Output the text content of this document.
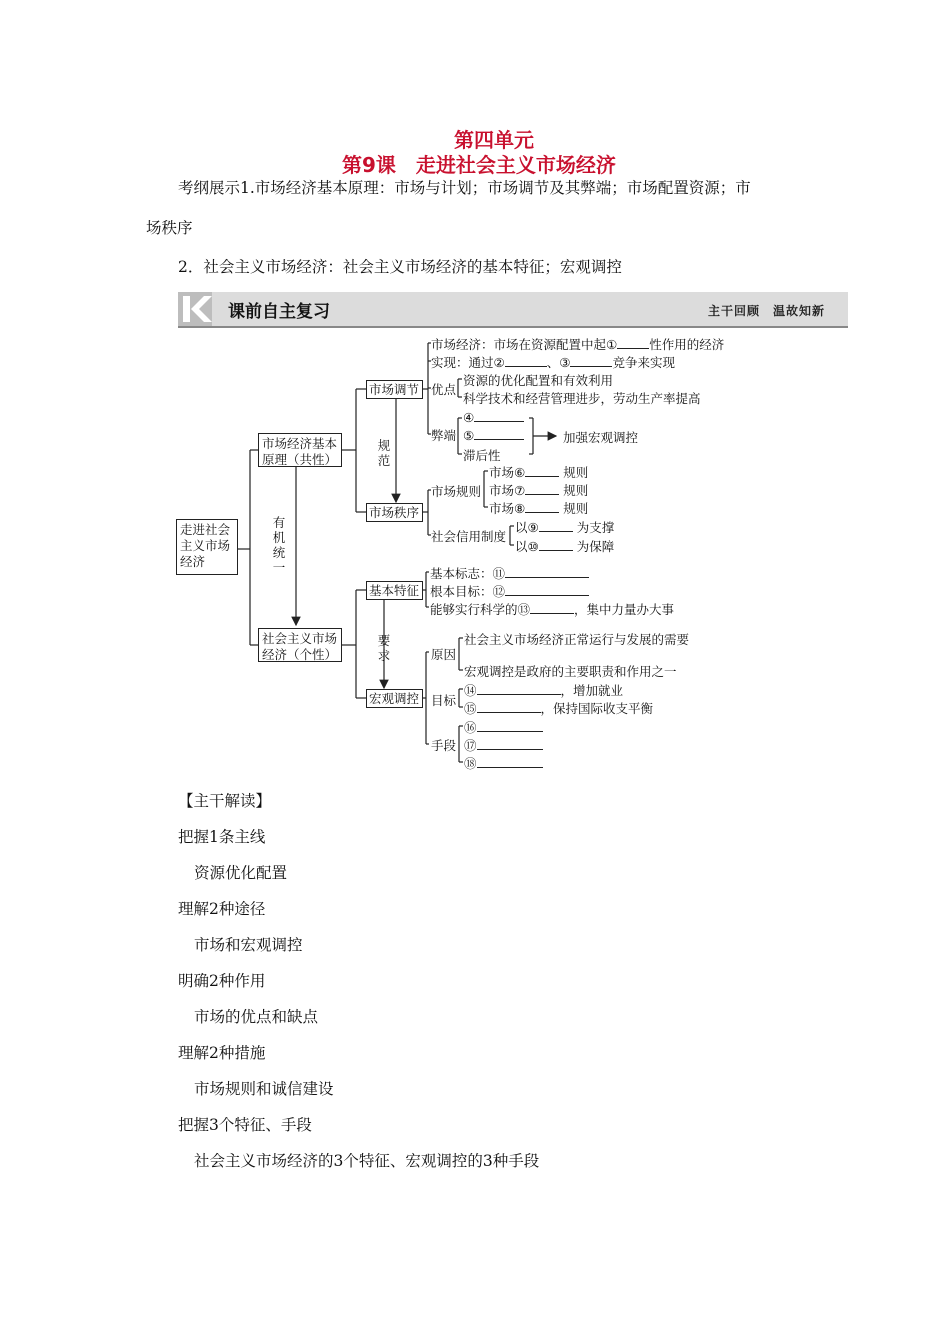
第四单元
第9课　走进社会主义市场经济
考纲展示1.市场经济基本原理：市场与计划；市场调节及其弊端；市场配置资源；市
场秩序
2．社会主义市场经济：社会主义市场经济的基本特征；宏观调控
课前自主复习	主干回顾　温故知新
走进社会主义市场经济
市场经济基本原理（共性）
社会主义市场经济（个性）
有机统一
市场调节
市场秩序
规范
基本特征
宏观调控
要求
市场经济：市场在资源配置中起①	性作用的经济
实现：通过②	、③	竞争来实现
优点
资源的优化配置和有效利用
科学技术和经营管理进步，劳动生产率提高
弊端
④
⑤
滞后性
加强宏观调控
市场规则
市场⑥	规则
市场⑦	规则
市场⑧	规则
社会信用制度
以⑨	为支撑
以⑩	为保障
基本标志：⑪
根本目标：⑫
能够实行科学的⑬	，集中力量办大事
原因
社会主义市场经济正常运行与发展的需要
宏观调控是政府的主要职责和作用之一
目标
⑭	，增加就业
⑮	，保持国际收支平衡
手段
⑯
⑰
⑱
【主干解读】
把握1条主线
资源优化配置
理解2种途径
市场和宏观调控
明确2种作用
市场的优点和缺点
理解2种措施
市场规则和诚信建设
把握3个特征、手段
社会主义市场经济的3个特征、宏观调控的3种手段
